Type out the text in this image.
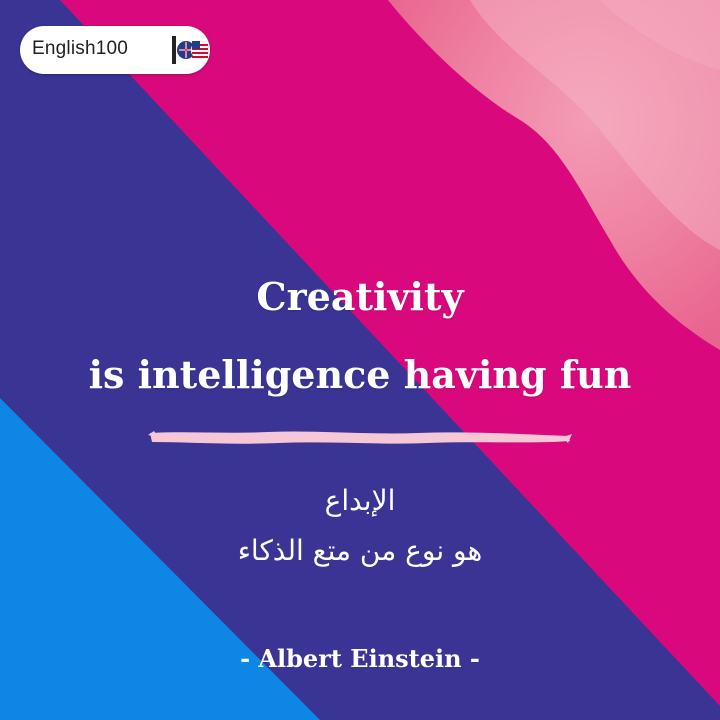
English100
Creativity
is intelligence having fun
الإبداع
هو نوع من متع الذكاء
- Albert Einstein -
